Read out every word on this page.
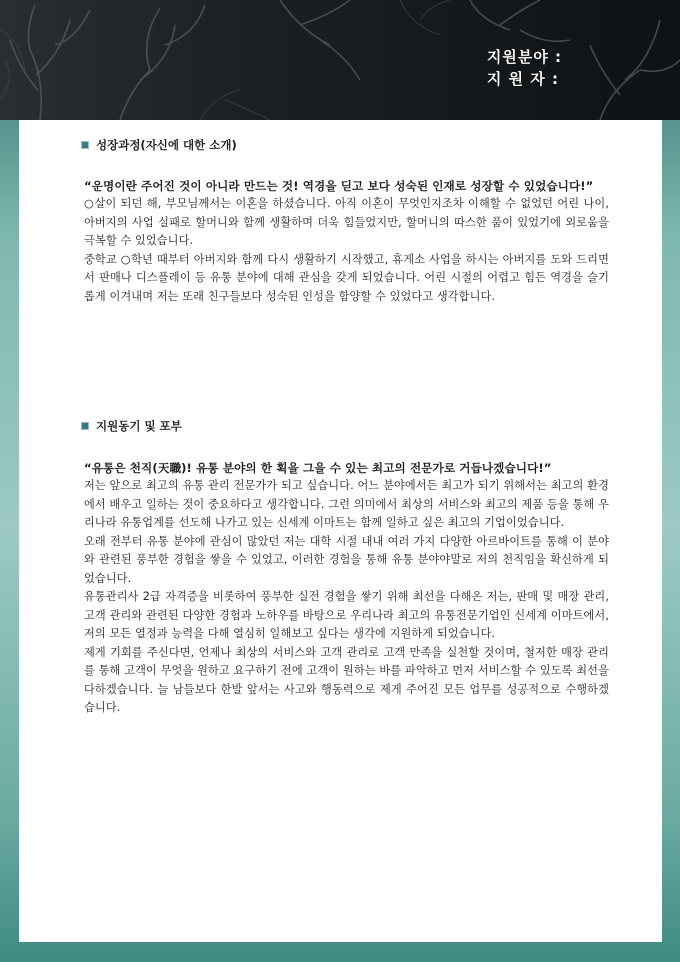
지원분야 :
지 원 자 :
성장과정(자신에 대한 소개)

“운명이란 주어진 것이 아니라 만드는 것! 역경을 딛고 보다 성숙된 인재로 성장할 수 있었습니다!”

○살이 되던 해, 부모님께서는 이혼을 하셨습니다. 아직 이혼이 무엇인지조차 이해할 수 없었던 어린 나이, 아버지의 사업 실패로 할머니와 함께 생활하며 더욱 힘들었지만, 할머니의 따스한 품이 있었기에 외로움을 극복할 수 있었습니다.

중학교 ○학년 때부터 아버지와 함께 다시 생활하기 시작했고, 휴게소 사업을 하시는 아버지를 도와 드리면서 판매나 디스플레이 등 유통 분야에 대해 관심을 갖게 되었습니다. 어린 시절의 어렵고 힘든 역경을 슬기롭게 이겨내며 저는 또래 친구들보다 성숙된 인성을 함양할 수 있었다고 생각합니다.

지원동기 및 포부

“유통은 천직(天職)! 유통 분야의 한 획을 그을 수 있는 최고의 전문가로 거듭나겠습니다!”

저는 앞으로 최고의 유통 관리 전문가가 되고 싶습니다. 어느 분야에서든 최고가 되기 위해서는 최고의 환경에서 배우고 일하는 것이 중요하다고 생각합니다. 그런 의미에서 최상의 서비스와 최고의 제품 등을 통해 우리나라 유통업계를 선도해 나가고 있는 신세계 이마트는 함께 일하고 싶은 최고의 기업이었습니다.

오래 전부터 유통 분야에 관심이 많았던 저는 대학 시절 내내 여러 가지 다양한 아르바이트를 통해 이 분야와 관련된 풍부한 경험을 쌓을 수 있었고, 이러한 경험을 통해 유통 분야야말로 저의 천직임을 확신하게 되었습니다.

유통관리사 2급 자격증을 비롯하여 풍부한 실전 경험을 쌓기 위해 최선을 다해온 저는, 판매 및 매장 관리, 고객 관리와 관련된 다양한 경험과 노하우를 바탕으로 우리나라 최고의 유통전문기업인 신세계 이마트에서, 저의 모든 열정과 능력을 다해 열심히 일해보고 싶다는 생각에 지원하게 되었습니다.

제게 기회를 주신다면, 언제나 최상의 서비스와 고객 관리로 고객 만족을 실천할 것이며, 철저한 매장 관리를 통해 고객이 무엇을 원하고 요구하기 전에 고객이 원하는 바를 파악하고 먼저 서비스할 수 있도록 최선을 다하겠습니다. 늘 남들보다 한발 앞서는 사고와 행동력으로 제게 주어진 모든 업무를 성공적으로 수행하겠습니다.
